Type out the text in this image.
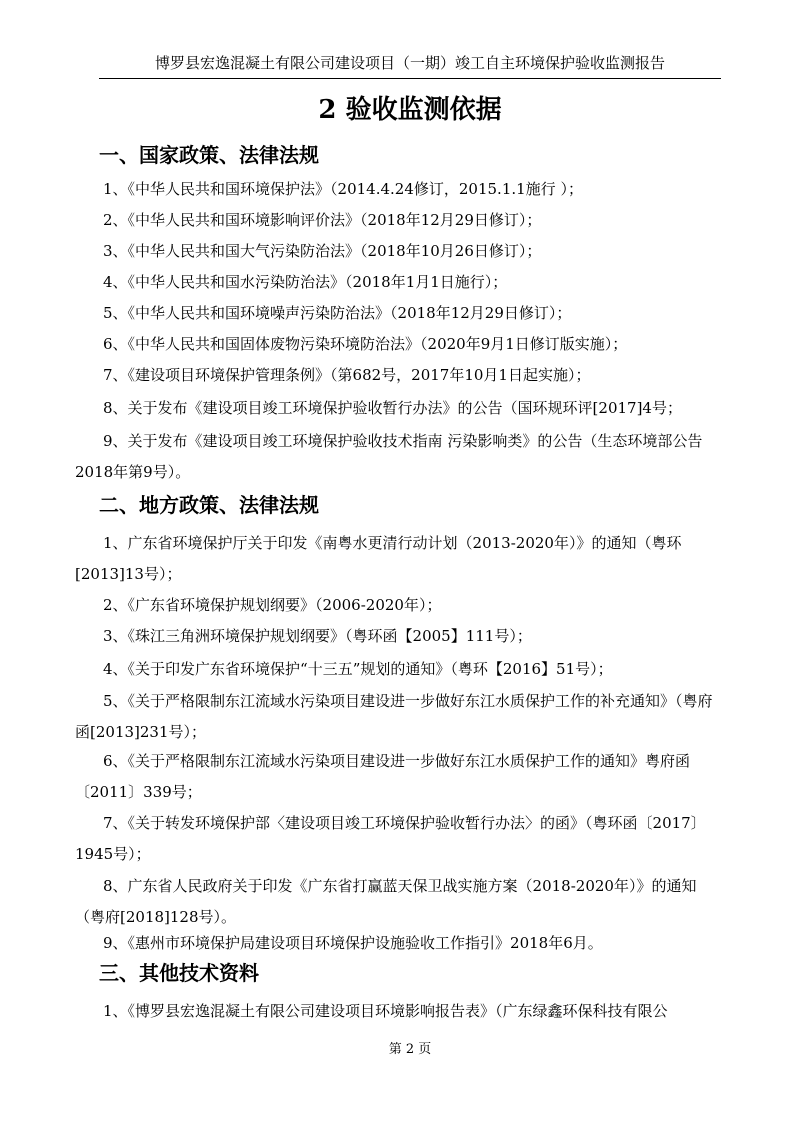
博罗县宏逸混凝土有限公司建设项目（一期）竣工自主环境保护验收监测报告
2 验收监测依据
一、国家政策、法律法规
1、《中华人民共和国环境保护法》（2014.4.24修订，2015.1.1施行 ）；
2、《中华人民共和国环境影响评价法》（2018年12月29日修订）；
3、《中华人民共和国大气污染防治法》（2018年10月26日修订）；
4、《中华人民共和国水污染防治法》（2018年1月1日施行）；
5、《中华人民共和国环境噪声污染防治法》（2018年12月29日修订）；
6、《中华人民共和国固体废物污染环境防治法》（2020年9月1日修订版实施）；
7、《建设项目环境保护管理条例》（第682号，2017年10月1日起实施）；
8、关于发布《建设项目竣工环境保护验收暂行办法》的公告（国环规环评[2017]4号；
9、关于发布《建设项目竣工环境保护验收技术指南 污染影响类》的公告（生态环境部公告2018年第9号）。
二、地方政策、法律法规
1、广东省环境保护厅关于印发《南粤水更清行动计划（2013-2020年）》的通知（粤环[2013]13号）；
2、《广东省环境保护规划纲要》（2006-2020年）；
3、《珠江三角洲环境保护规划纲要》（粤环函【2005】111号）；
4、《关于印发广东省环境保护“十三五”规划的通知》（粤环【2016】51号）；
5、《关于严格限制东江流域水污染项目建设进一步做好东江水质保护工作的补充通知》（粤府函[2013]231号）；
6、《关于严格限制东江流域水污染项目建设进一步做好东江水质保护工作的通知》粤府函〔2011〕339号；
7、《关于转发环境保护部〈建设项目竣工环境保护验收暂行办法〉的函》（粤环函〔2017〕1945号）；
8、广东省人民政府关于印发《广东省打赢蓝天保卫战实施方案（2018-2020年）》的通知（粤府[2018]128号）。
9、《惠州市环境保护局建设项目环境保护设施验收工作指引》2018年6月。
三、其他技术资料
1、《博罗县宏逸混凝土有限公司建设项目环境影响报告表》（广东绿鑫环保科技有限公
第 2 页
